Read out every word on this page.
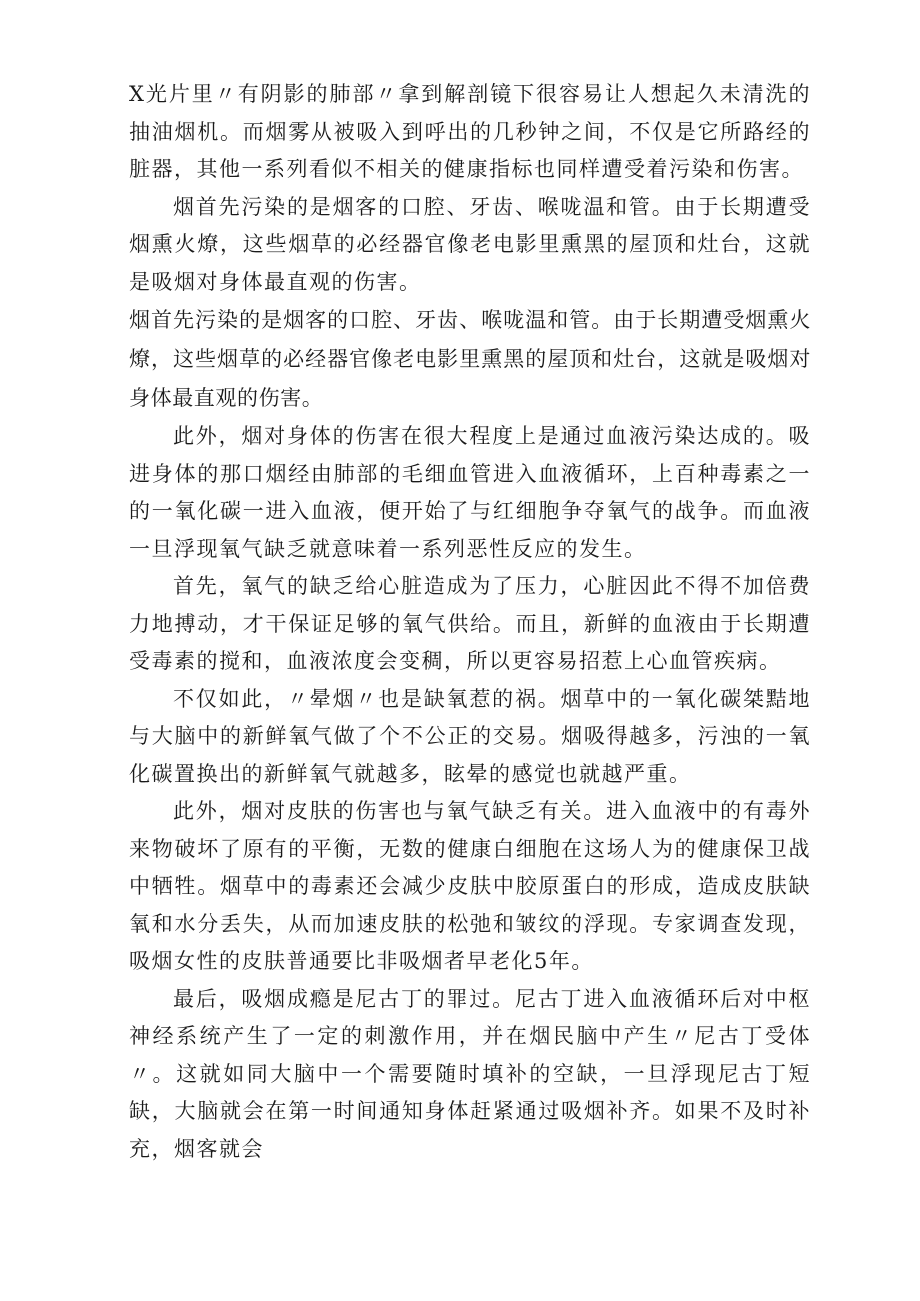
X光片里〃有阴影的肺部〃拿到解剖镜下很容易让人想起久未清洗的抽油烟机。而烟雾从被吸入到呼出的几秒钟之间，不仅是它所路经的脏器，其他一系列看似不相关的健康指标也同样遭受着污染和伤害。

烟首先污染的是烟客的口腔、牙齿、喉咙温和管。由于长期遭受烟熏火燎，这些烟草的必经器官像老电影里熏黑的屋顶和灶台，这就是吸烟对身体最直观的伤害。

烟首先污染的是烟客的口腔、牙齿、喉咙温和管。由于长期遭受烟熏火燎，这些烟草的必经器官像老电影里熏黑的屋顶和灶台，这就是吸烟对身体最直观的伤害。

此外，烟对身体的伤害在很大程度上是通过血液污染达成的。吸进身体的那口烟经由肺部的毛细血管进入血液循环，上百种毒素之一的一氧化碳一进入血液，便开始了与红细胞争夺氧气的战争。而血液一旦浮现氧气缺乏就意味着一系列恶性反应的发生。

首先，氧气的缺乏给心脏造成为了压力，心脏因此不得不加倍费力地搏动，才干保证足够的氧气供给。而且，新鲜的血液由于长期遭受毒素的搅和，血液浓度会变稠，所以更容易招惹上心血管疾病。

不仅如此，〃晕烟〃也是缺氧惹的祸。烟草中的一氧化碳桀黠地与大脑中的新鲜氧气做了个不公正的交易。烟吸得越多，污浊的一氧化碳置换出的新鲜氧气就越多，眩晕的感觉也就越严重。

此外，烟对皮肤的伤害也与氧气缺乏有关。进入血液中的有毒外来物破坏了原有的平衡，无数的健康白细胞在这场人为的健康保卫战中牺牲。烟草中的毒素还会减少皮肤中胶原蛋白的形成，造成皮肤缺氧和水分丢失，从而加速皮肤的松弛和皱纹的浮现。专家调查发现，吸烟女性的皮肤普通要比非吸烟者早老化5年。

最后，吸烟成瘾是尼古丁的罪过。尼古丁进入血液循环后对中枢神经系统产生了一定的刺激作用，并在烟民脑中产生〃尼古丁受体〃。这就如同大脑中一个需要随时填补的空缺，一旦浮现尼古丁短缺，大脑就会在第一时间通知身体赶紧通过吸烟补齐。如果不及时补充，烟客就会
